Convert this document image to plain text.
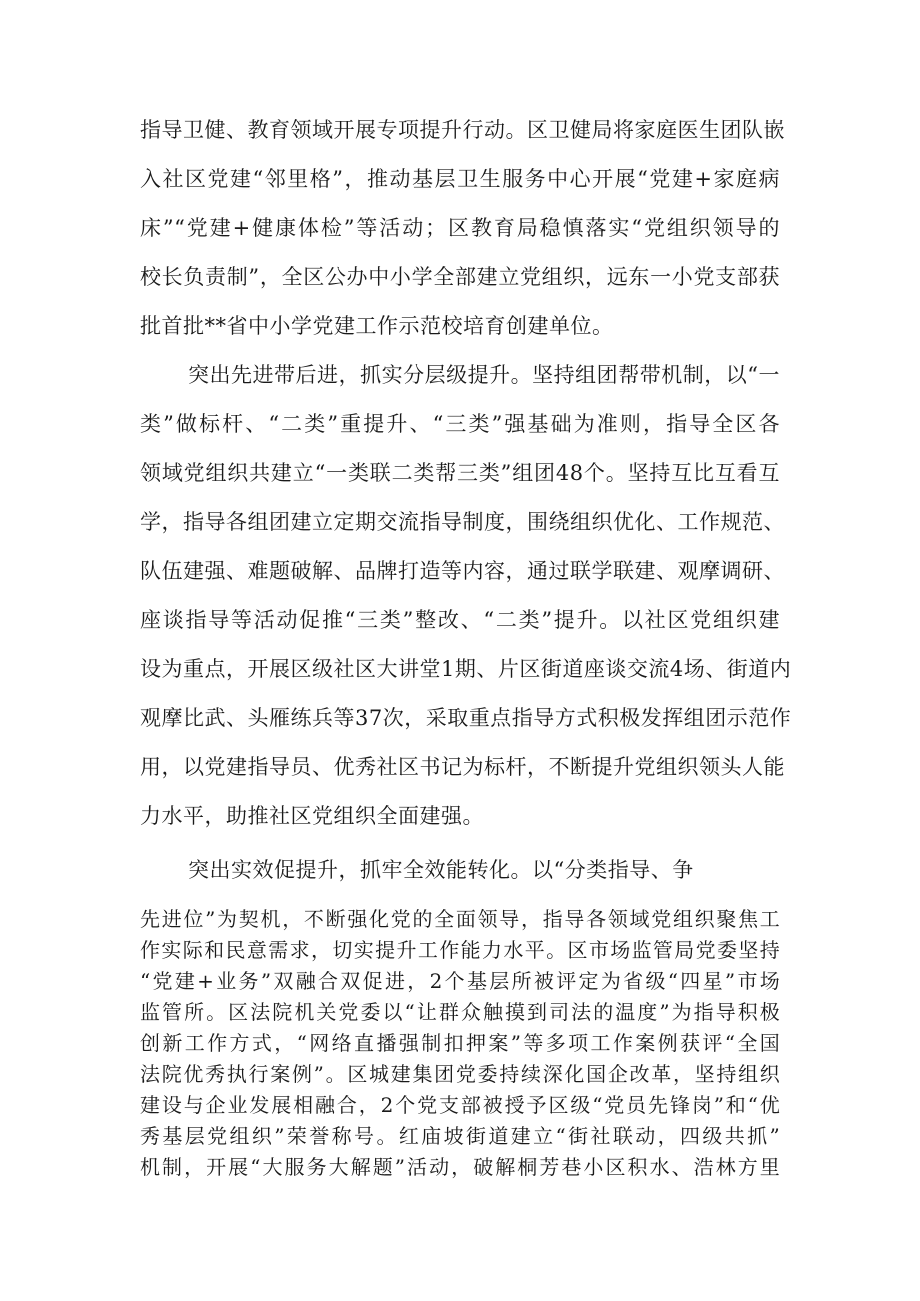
指导卫健、教育领域开展专项提升行动。区卫健局将家庭医生团队嵌
入社区党建“邻里格”，推动基层卫生服务中心开展“党建+家庭病
床”“党建+健康体检”等活动；区教育局稳慎落实“党组织领导的
校长负责制”，全区公办中小学全部建立党组织，远东一小党支部获
批首批**省中小学党建工作示范校培育创建单位。
突出先进带后进，抓实分层级提升。坚持组团帮带机制，以“一
类”做标杆、“二类”重提升、“三类”强基础为准则，指导全区各
领域党组织共建立“一类联二类帮三类”组团48个。坚持互比互看互
学，指导各组团建立定期交流指导制度，围绕组织优化、工作规范、
队伍建强、难题破解、品牌打造等内容，通过联学联建、观摩调研、
座谈指导等活动促推“三类”整改、“二类”提升。以社区党组织建
设为重点，开展区级社区大讲堂1期、片区街道座谈交流4场、街道内
观摩比武、头雁练兵等37次，采取重点指导方式积极发挥组团示范作
用，以党建指导员、优秀社区书记为标杆，不断提升党组织领头人能
力水平，助推社区党组织全面建强。
突出实效促提升，抓牢全效能转化。以“分类指导、争
先进位”为契机，不断强化党的全面领导，指导各领域党组织聚焦工
作实际和民意需求，切实提升工作能力水平。区市场监管局党委坚持
“党建+业务”双融合双促进，2个基层所被评定为省级“四星”市场
监管所。区法院机关党委以“让群众触摸到司法的温度”为指导积极
创新工作方式，“网络直播强制扣押案”等多项工作案例获评“全国
法院优秀执行案例”。区城建集团党委持续深化国企改革，坚持组织
建设与企业发展相融合，2个党支部被授予区级“党员先锋岗”和“优
秀基层党组织”荣誉称号。红庙坡街道建立“街社联动，四级共抓”
机制，开展“大服务大解题”活动，破解桐芳巷小区积水、浩林方里
